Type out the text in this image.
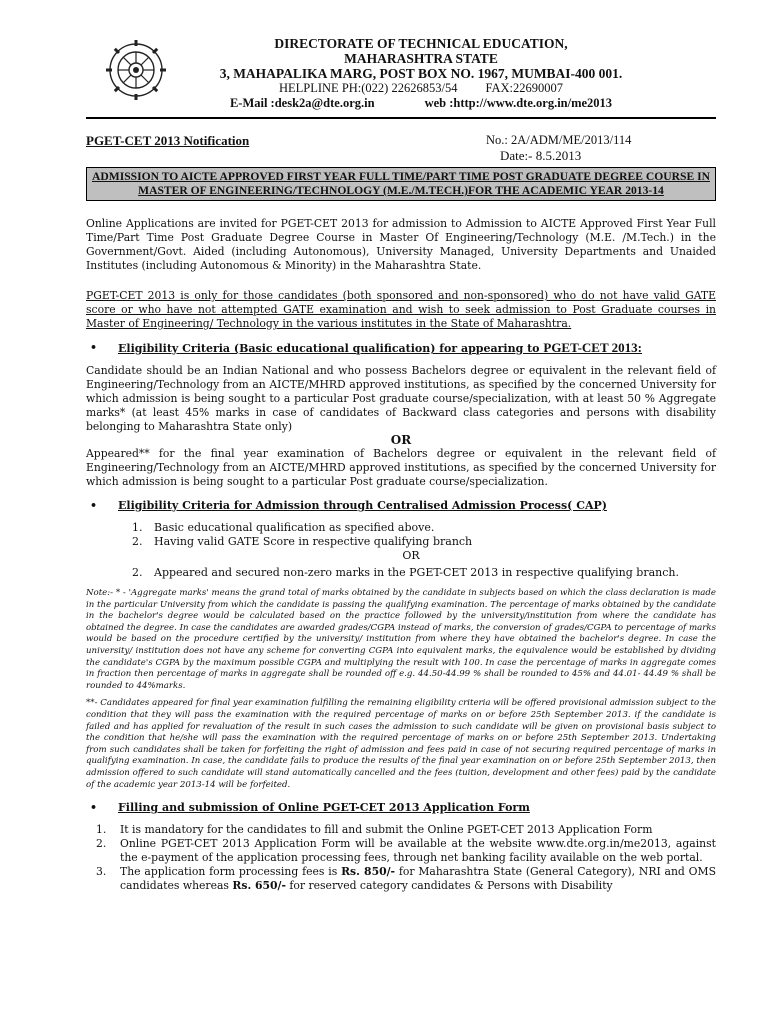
DIRECTORATE OF TECHNICAL EDUCATION,
MAHARASHTRA STATE
3, MAHAPALIKA MARG, POST BOX NO. 1967, MUMBAI-400 001.
HELPLINE PH:(022) 22626853/54 FAX:22690007
E-Mail :desk2a@dte.org.in	web :http://www.dte.org.in/me2013
PGET-CET 2013 Notification	No.: 2A/ADM/ME/2013/114
Date:- 8.5.2013
ADMISSION TO AICTE APPROVED FIRST YEAR FULL TIME/PART TIME POST GRADUATE DEGREE COURSE IN MASTER OF ENGINEERING/TECHNOLOGY (M.E./M.TECH.)FOR THE ACADEMIC YEAR 2013-14

Online Applications are invited for PGET-CET 2013 for admission to Admission to AICTE Approved First Year Full Time/Part Time Post Graduate Degree Course in Master Of Engineering/Technology (M.E. /M.Tech.) in the Government/Govt. Aided (including Autonomous), University Managed, University Departments and Unaided Institutes (including Autonomous & Minority) in the Maharashtra State.

PGET-CET 2013 is only for those candidates (both sponsored and non-sponsored) who do not have valid GATE score or who have not attempted GATE examination and wish to seek admission to Post Graduate courses in Master of Engineering/ Technology in the various institutes in the State of Maharashtra.

• Eligibility Criteria (Basic educational qualification) for appearing to PGET-CET 2013:

Candidate should be an Indian National and who possess Bachelors degree or equivalent in the relevant field of Engineering/Technology from an AICTE/MHRD approved institutions, as specified by the concerned University for which admission is being sought to a particular Post graduate course/specialization, with at least 50 % Aggregate marks* (at least 45% marks in case of candidates of Backward class categories and persons with disability belonging to Maharashtra State only)

OR

Appeared** for the final year examination of Bachelors degree or equivalent in the relevant field of Engineering/Technology from an AICTE/MHRD approved institutions, as specified by the concerned University for which admission is being sought to a particular Post graduate course/specialization.

• Eligibility Criteria for Admission through Centralised Admission Process( CAP)
1. Basic educational qualification as specified above.
2. Having valid GATE Score in respective qualifying branch
OR
2. Appeared and secured non-zero marks in the PGET-CET 2013 in respective qualifying branch.

Note:- * - 'Aggregate marks' means the grand total of marks obtained by the candidate in subjects based on which the class declaration is made in the particular University from which the candidate is passing the qualifying examination. The percentage of marks obtained by the candidate in the bachelor's degree would be calculated based on the practice followed by the university/institution from where the candidate has obtained the degree. In case the candidates are awarded grades/CGPA instead of marks, the conversion of grades/CGPA to percentage of marks would be based on the procedure certified by the university/ institution from where they have obtained the bachelor's degree. In case the university/ institution does not have any scheme for converting CGPA into equivalent marks, the equivalence would be established by dividing the candidate's CGPA by the maximum possible CGPA and multiplying the result with 100. In case the percentage of marks in aggregate comes in fraction then percentage of marks in aggregate shall be rounded off e.g. 44.50-44.99 % shall be rounded to 45% and 44.01- 44.49 % shall be rounded to 44%marks.

**- Candidates appeared for final year examination fulfilling the remaining eligibility criteria will be offered provisional admission subject to the condition that they will pass the examination with the required percentage of marks on or before 25th September 2013. if the candidate is failed and has applied for revaluation of the result in such cases the admission to such candidate will be given on provisional basis subject to the condition that he/she will pass the examination with the required percentage of marks on or before 25th September 2013. Undertaking from such candidates shall be taken for forfeiting the right of admission and fees paid in case of not securing required percentage of marks in qualifying examination. In case, the candidate fails to produce the results of the final year examination on or before 25th September 2013, then admission offered to such candidate will stand automatically cancelled and the fees (tuition, development and other fees) paid by the candidate of the academic year 2013-14 will be forfeited.

• Filling and submission of Online PGET-CET 2013 Application Form
1. It is mandatory for the candidates to fill and submit the Online PGET-CET 2013 Application Form
2. Online PGET-CET 2013 Application Form will be available at the website www.dte.org.in/me2013, against the e-payment of the application processing fees, through net banking facility available on the web portal.
3. The application form processing fees is Rs. 850/- for Maharashtra State (General Category), NRI and OMS candidates whereas Rs. 650/- for reserved category candidates & Persons with Disability
